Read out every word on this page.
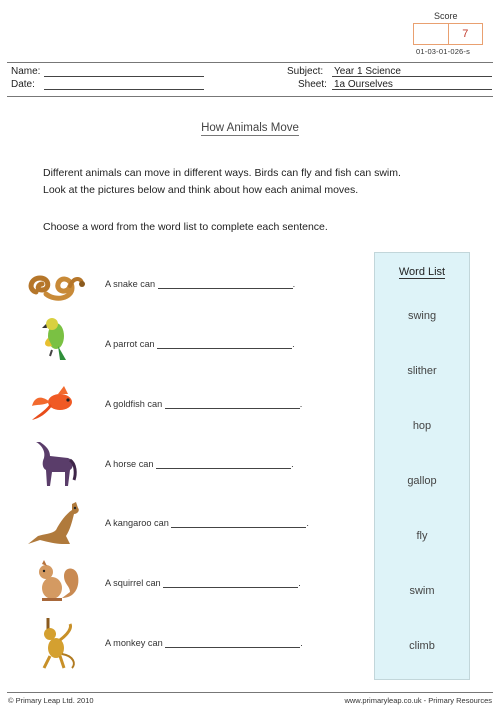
Score
7
01-03-01-026-s
Name:
Date:
Subject: Year 1 Science
Sheet: 1a Ourselves
How Animals Move
Different animals can move in different ways. Birds can fly and fish can swim.
Look at the pictures below and think about how each animal moves.
Choose a word from the word list to complete each sentence.
A snake can	.
A parrot can	.
A goldfish can	.
A horse can	.
A kangaroo can	.
A squirrel can	.
A monkey can	.
Word List
swing
slither
hop
gallop
fly
swim
climb
© Primary Leap Ltd. 2010	www.primaryleap.co.uk - Primary Resources
